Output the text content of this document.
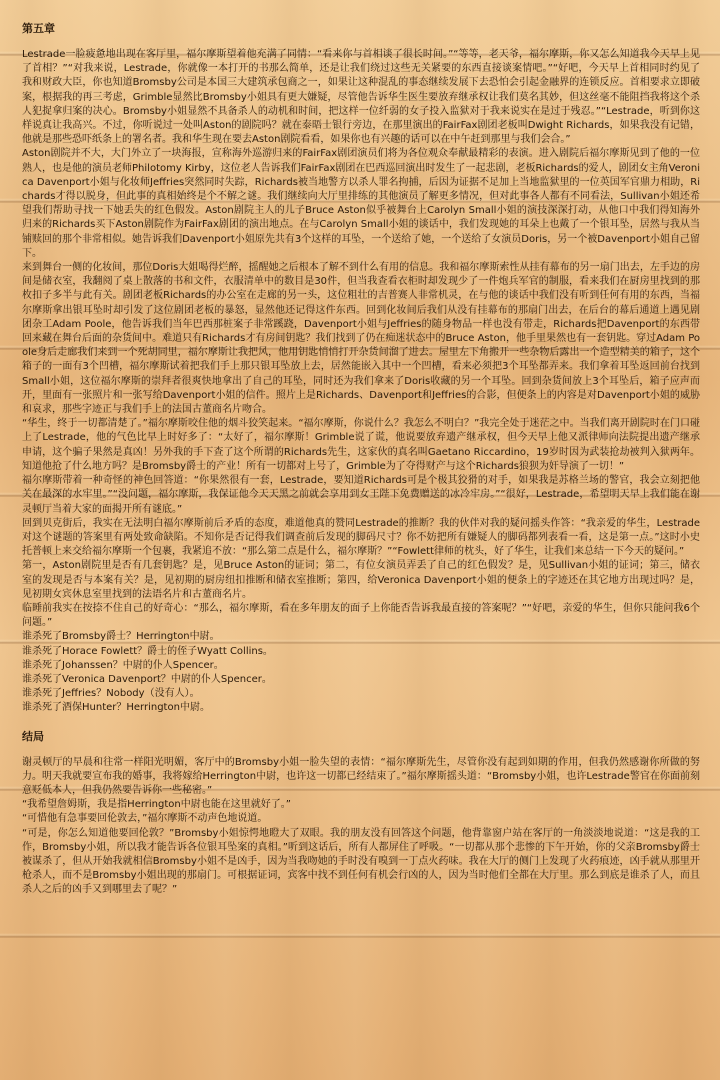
第五章

Lestrade一脸疲惫地出现在客厅里，福尔摩斯望着他充满了同情：“看来你与首相谈了很长时间。”“等等，老天爷，福尔摩斯，你又怎么知道我今天早上见了首相？”“对我来说，Lestrade，你就像一本打开的书那么简单，还是让我们绕过这些无关紧要的东西直接谈案情吧。”“好吧，今天早上首相同时约见了我和财政大臣，你也知道Bromsby公司是本国三大建筑承包商之一，如果让这种混乱的事态继续发展下去恐怕会引起金融界的连锁反应。首相要求立即破案，根据我的再三考虑，Grimble显然比Bromsby小姐具有更大嫌疑，尽管他告诉华生医生要放弃继承权让我们莫名其妙，但这丝毫不能阻挡我将这个杀人犯捉拿归案的决心。Bromsby小姐显然不具备杀人的动机和时间，把这样一位纤弱的女子投入监狱对于我来说实在是过于残忍。”“Lestrade，听到你这样说真让我高兴。不过，你听说过一处叫Aston的剧院吗？就在泰晤士银行旁边，在那里演出的FairFax剧团老板叫Dwight Richards，如果我没有记错，他就是那些恐吓纸条上的署名者。我和华生现在要去Aston剧院看看，如果你也有兴趣的话可以在中午赶到那里与我们会合。”

Aston剧院并不大，大门外立了一块海报，宣称海外巡游归来的FairFax剧团演员们将为各位观众奉献最精彩的表演。进入剧院后福尔摩斯见到了他的一位熟人，也是他的演员老师Philotomy Kirby，这位老人告诉我们FairFax剧团在巴西巡回演出时发生了一起悲剧，老板Richards的爱人，剧团女主角Veronica Davenport小姐与化妆师Jeffries突然同时失踪，Richards被当地警方以杀人罪名拘捕，后因为证据不足加上当地监狱里的一位英国军官鼎力相助，Richards才得以脱身，但此事的真相始终是个不解之谜。我们继续向大厅里排练的其他演员了解更多情况，但对此事各人都有不同看法，Sullivan小姐还希望我们帮助寻找一下她丢失的红色假发。Aston剧院主人的儿子Bruce Aston似乎被舞台上Carolyn Small小姐的演技深深打动，从他口中我们得知海外归来的Richards买下Aston剧院作为FairFax剧团的演出地点。在与Carolyn Small小姐的谈话中，我们发现她的耳朵上也戴了一个银耳坠，居然与我从当铺赎回的那个非常相似。她告诉我们Davenport小姐原先共有3个这样的耳坠，一个送给了她，一个送给了女演员Doris，另一个被Davenport小姐自己留下。

来到舞台一侧的化妆间，那位Doris大姐喝得烂醉，摇醒她之后根本了解不到什么有用的信息。我和福尔摩斯索性从挂有幕布的另一扇门出去，左手边的房间是储衣室，我翻阅了桌上散落的书和文件，衣服清单中的数目是30件，但当我查看衣柜时却发现少了一件炮兵军官的制服，看来我们在厨房里找到的那枚扣子多半与此有关。剧团老板Richards的办公室在走廊的另一头，这位粗壮的吉普赛人非常机灵，在与他的谈话中我们没有听到任何有用的东西，当福尔摩斯拿出银耳坠时却引发了这位剧团老板的暴怒，显然他还记得这件东西。回到化妆间后我们从没有挂幕布的那扇门出去，在后台的幕后通道上遇见剧团杂工Adam Poole，他告诉我们当年巴西那桩案子非常蹊跷，Davenport小姐与Jeffries的随身物品一样也没有带走，Richards把Davenport的东西带回来藏在舞台后面的杂货间中。难道只有Richards才有房间钥匙？我们找到了仍在痴迷状态中的Bruce Aston，他手里果然也有一套钥匙。穿过Adam Poole身后走廊我们来到一个死胡同里，福尔摩斯让我把风，他用钥匙悄悄打开杂货间溜了进去。屋里左下角搬开一些杂物后露出一个造型精美的箱子，这个箱子的一面有3个凹槽，福尔摩斯试着把我们手上那只银耳坠放上去，居然能嵌入其中一个凹槽，看来必须把3个耳坠都弄来。我们拿着耳坠返回前台找到Small小姐，这位福尔摩斯的崇拜者很爽快地拿出了自己的耳坠，同时还为我们拿来了Doris收藏的另一个耳坠。回到杂货间放上3个耳坠后，箱子应声而开，里面有一张照片和一张写给Davenport小姐的信件。照片上是Richards、Davenport和Jeffries的合影，但便条上的内容是对Davenport小姐的威胁和哀求，那些字迹正与我们手上的法国古董商名片吻合。

“华生，终于一切都清楚了。”福尔摩斯咬住他的烟斗狡笑起来。“福尔摩斯，你说什么？我怎么不明白？”我完全处于迷茫之中。当我们离开剧院时在门口碰上了Lestrade，他的气色比早上时好多了：“太好了，福尔摩斯！Grimble说了谎，他说要放弃遗产继承权，但今天早上他又派律师向法院提出遗产继承申请，这个骗子果然是真凶！另外我的手下查了这个所谓的Richards先生，这家伙的真名叫Gaetano Riccardino，19岁时因为武装抢劫被判入狱两年。知道他抢了什么地方吗？是Bromsby爵士的产业！所有一切都对上号了，Grimble为了夺得财产与这个Richards狼狈为奸导演了一切！”

福尔摩斯带着一种奇怪的神色回答道：“你果然很有一套，Lestrade，要知道Richards可是个极其狡猾的对手，如果我是苏格兰场的警官，我会立刻把他关在最深的水牢里。”“没问题，福尔摩斯，我保证他今天天黑之前就会享用到女王陛下免费赠送的冰冷牢房。”“很好，Lestrade，希望明天早上我们能在谢灵顿厅当着大家的面揭开所有谜底。”

回到贝克街后，我实在无法明白福尔摩斯前后矛盾的态度，难道他真的赞同Lestrade的推断？我的伙伴对我的疑问摇头作答：“我亲爱的华生，Lestrade对这个谜题的答案里有两处致命缺陷。不知你是否记得我们调查前后发现的脚码尺寸？你不妨把所有嫌疑人的脚码都列表看一看，这是第一点。”这时小史托普顿上来交给福尔摩斯一个包裹，我紧追不放：“那么第二点是什么，福尔摩斯？”“Fowlett律师的枕头，好了华生，让我们来总结一下今天的疑问。”

第一，Aston剧院里是否有几套钥匙？是，见Bruce Aston的证词；第二，有位女演员弄丢了自己的红色假发？是，见Sullivan小姐的证词；第三，储衣室的发现是否与本案有关？是，见初期的厨房纽扣推断和储衣室推断；第四，给Veronica Davenport小姐的便条上的字迹还在其它地方出现过吗？是，见初期女宾休息室里找到的法语名片和古董商名片。

临睡前我实在按捺不住自己的好奇心：“那么，福尔摩斯，看在多年朋友的面子上你能否告诉我最直接的答案呢？”“好吧，亲爱的华生，但你只能问我6个问题。”

谁杀死了Bromsby爵士？Herrington中尉。

谁杀死了Horace Fowlett？爵士的侄子Wyatt Collins。

谁杀死了Johanssen？中尉的仆人Spencer。

谁杀死了Veronica Davenport？中尉的仆人Spencer。

谁杀死了Jeffries？Nobody（没有人）。

谁杀死了酒保Hunter？Herrington中尉。

结局

谢灵顿厅的早晨和往常一样阳光明媚，客厅中的Bromsby小姐一脸失望的表情：“福尔摩斯先生，尽管你没有起到如期的作用，但我仍然感谢你所做的努力。明天我就要宣布我的婚事，我将嫁给Herrington中尉，也许这一切都已经结束了。”福尔摩斯摇头道：“Bromsby小姐，也许Lestrade警官在你面前刻意贬低本人，但我仍然要告诉你一些秘密。”

“我希望詹姆斯，我是指Herrington中尉也能在这里就好了。”

“可惜他有急事要回伦敦去，”福尔摩斯不动声色地说道。

“可是，你怎么知道他要回伦敦？”Bromsby小姐惊愕地瞪大了双眼。我的朋友没有回答这个问题，他背靠窗户站在客厅的一角淡淡地说道：“这是我的工作，Bromsby小姐，所以我才能告诉各位银耳坠案的真相。”听到这话后，所有人都屏住了呼吸。“一切都从那个悲惨的下午开始，你的父亲Bromsby爵士被谋杀了，但从开始我就相信Bromsby小姐不是凶手，因为当我吻她的手时没有嗅到一丁点火药味。我在大厅的侧门上发现了火药痕迹，凶手就从那里开枪杀人，而不是Bromsby小姐出现的那扇门。可根据证词，宾客中找不到任何有机会行凶的人，因为当时他们全都在大厅里。那么到底是谁杀了人，而且杀人之后的凶手又到哪里去了呢？”
